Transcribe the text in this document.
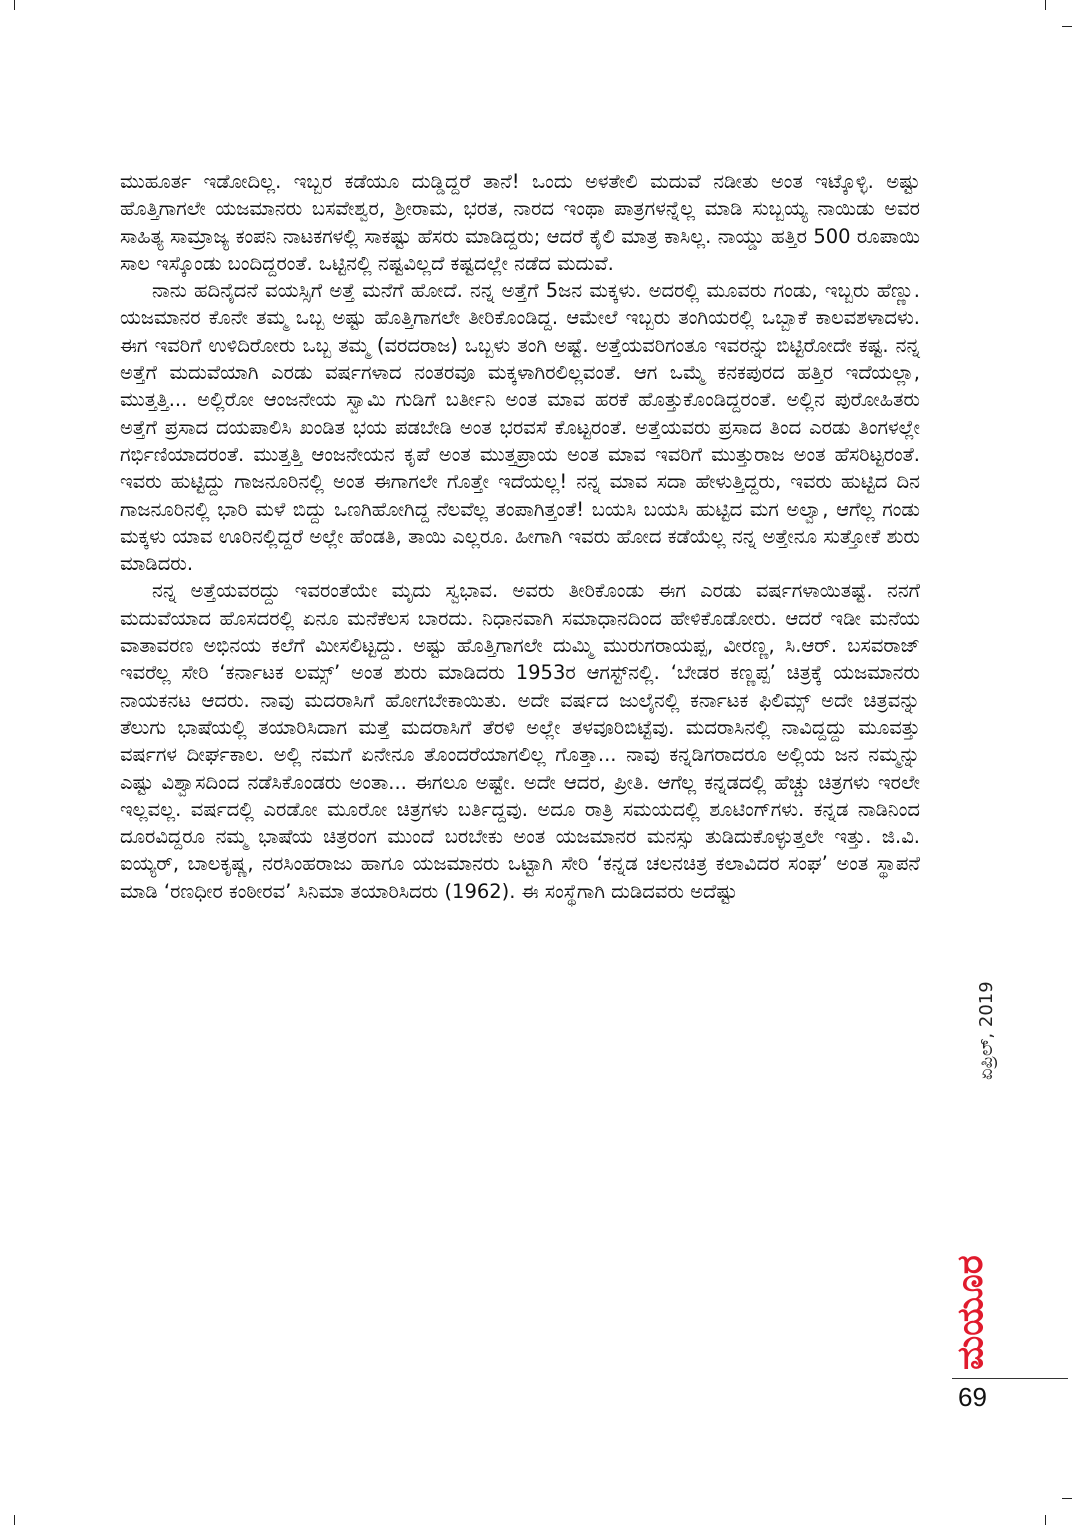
ಮುಹೂರ್ತ ಇಡೋದಿಲ್ಲ. ಇಬ್ಬರ ಕಡೆಯೂ ದುಡ್ಡಿದ್ದರೆ ತಾನೆ! ಒಂದು ಅಳತೇಲಿ ಮದುವೆ ನಡೀತು ಅಂತ ಇಟ್ಕೊಳ್ಳಿ. ಅಷ್ಟು ಹೊತ್ತಿಗಾಗಲೇ ಯಜಮಾನರು ಬಸವೇಶ್ವರ, ಶ್ರೀರಾಮ, ಭರತ, ನಾರದ ಇಂಥಾ ಪಾತ್ರಗಳನ್ನೆಲ್ಲ ಮಾಡಿ ಸುಬ್ಬಯ್ಯ ನಾಯಿಡು ಅವರ ಸಾಹಿತ್ಯ ಸಾಮ್ರಾಜ್ಯ ಕಂಪನಿ ನಾಟಕಗಳಲ್ಲಿ ಸಾಕಷ್ಟು ಹೆಸರು ಮಾಡಿದ್ದರು; ಆದರೆ ಕೈಲಿ ಮಾತ್ರ ಕಾಸಿಲ್ಲ. ನಾಯ್ಡು ಹತ್ತಿರ 500 ರೂಪಾಯಿ ಸಾಲ ಇಸ್ಕೊಂಡು ಬಂದಿದ್ದರಂತೆ. ಒಟ್ಟಿನಲ್ಲಿ ನಷ್ಟವಿಲ್ಲದೆ ಕಷ್ಟದಲ್ಲೇ ನಡೆದ ಮದುವೆ.

ನಾನು ಹದಿನೈದನೆ ವಯಸ್ಸಿಗೆ ಅತ್ತೆ ಮನೆಗೆ ಹೋದೆ. ನನ್ನ ಅತ್ತೆಗೆ 5ಜನ ಮಕ್ಕಳು. ಅದರಲ್ಲಿ ಮೂವರು ಗಂಡು, ಇಬ್ಬರು ಹೆಣ್ಣು. ಯಜಮಾನರ ಕೊನೇ ತಮ್ಮ ಒಬ್ಬ ಅಷ್ಟು ಹೊತ್ತಿಗಾಗಲೇ ತೀರಿಕೊಂಡಿದ್ದ. ಆಮೇಲೆ ಇಬ್ಬರು ತಂಗಿಯರಲ್ಲಿ ಒಬ್ಬಾಕೆ ಕಾಲವಶಳಾದಳು. ಈಗ ಇವರಿಗೆ ಉಳಿದಿರೋರು ಒಬ್ಬ ತಮ್ಮ (ವರದರಾಜ) ಒಬ್ಬಳು ತಂಗಿ ಅಷ್ಟೆ. ಅತ್ತೆಯವರಿಗಂತೂ ಇವರನ್ನು ಬಿಟ್ಟಿರೋದೇ ಕಷ್ಟ. ನನ್ನ ಅತ್ತೆಗೆ ಮದುವೆಯಾಗಿ ಎರಡು ವರ್ಷಗಳಾದ ನಂತರವೂ ಮಕ್ಕಳಾಗಿರಲಿಲ್ಲವಂತೆ. ಆಗ ಒಮ್ಮೆ ಕನಕಪುರದ ಹತ್ತಿರ ಇದೆಯಲ್ಲಾ, ಮುತ್ತತ್ತಿ... ಅಲ್ಲಿರೋ ಆಂಜನೇಯ ಸ್ವಾಮಿ ಗುಡಿಗೆ ಬರ್ತೀನಿ ಅಂತ ಮಾವ ಹರಕೆ ಹೊತ್ತುಕೊಂಡಿದ್ದರಂತೆ. ಅಲ್ಲಿನ ಪುರೋಹಿತರು ಅತ್ತೆಗೆ ಪ್ರಸಾದ ದಯಪಾಲಿಸಿ ಖಂಡಿತ ಭಯ ಪಡಬೇಡಿ ಅಂತ ಭರವಸೆ ಕೊಟ್ಟರಂತೆ. ಅತ್ತೆಯವರು ಪ್ರಸಾದ ತಿಂದ ಎರಡು ತಿಂಗಳಲ್ಲೇ ಗರ್ಭಿಣಿಯಾದರಂತೆ. ಮುತ್ತತ್ತಿ ಆಂಜನೇಯನ ಕೃಪೆ ಅಂತ ಮುತ್ತಪ್ರಾಯ ಅಂತ ಮಾವ ಇವರಿಗೆ ಮುತ್ತುರಾಜ ಅಂತ ಹೆಸರಿಟ್ಟರಂತೆ. ಇವರು ಹುಟ್ಟಿದ್ದು ಗಾಜನೂರಿನಲ್ಲಿ ಅಂತ ಈಗಾಗಲೇ ಗೊತ್ತೇ ಇದೆಯಲ್ಲ! ನನ್ನ ಮಾವ ಸದಾ ಹೇಳುತ್ತಿದ್ದರು, ಇವರು ಹುಟ್ಟಿದ ದಿನ ಗಾಜನೂರಿನಲ್ಲಿ ಭಾರಿ ಮಳೆ ಬಿದ್ದು ಒಣಗಿಹೋಗಿದ್ದ ನೆಲವೆಲ್ಲ ತಂಪಾಗಿತ್ತಂತೆ! ಬಯಸಿ ಬಯಸಿ ಹುಟ್ಟಿದ ಮಗ ಅಲ್ವಾ, ಆಗೆಲ್ಲ ಗಂಡು ಮಕ್ಕಳು ಯಾವ ಊರಿನಲ್ಲಿದ್ದರೆ ಅಲ್ಲೇ ಹೆಂಡತಿ, ತಾಯಿ ಎಲ್ಲರೂ. ಹೀಗಾಗಿ ಇವರು ಹೋದ ಕಡೆಯೆಲ್ಲ ನನ್ನ ಅತ್ತೇನೂ ಸುತ್ತೋಕೆ ಶುರು ಮಾಡಿದರು.

ನನ್ನ ಅತ್ತೆಯವರದ್ದು ಇವರಂತೆಯೇ ಮೃದು ಸ್ವಭಾವ. ಅವರು ತೀರಿಕೊಂಡು ಈಗ ಎರಡು ವರ್ಷಗಳಾಯಿತಷ್ಟೆ. ನನಗೆ ಮದುವೆಯಾದ ಹೊಸದರಲ್ಲಿ ಏನೂ ಮನೆಕೆಲಸ ಬಾರದು. ನಿಧಾನವಾಗಿ ಸಮಾಧಾನದಿಂದ ಹೇಳಿಕೊಡೋರು. ಆದರೆ ಇಡೀ ಮನೆಯ ವಾತಾವರಣ ಅಭಿನಯ ಕಲೆಗೆ ಮೀಸಲಿಟ್ಟದ್ದು. ಅಷ್ಟು ಹೊತ್ತಿಗಾಗಲೇ ದುಮ್ಮಿ ಮುರುಗರಾಯಪ್ಪ, ವೀರಣ್ಣ, ಸಿ.ಆರ್. ಬಸವರಾಜ್ ಇವರೆಲ್ಲ ಸೇರಿ ‘ಕರ್ನಾಟಕ ಲಮ್ಸ್’ ಅಂತ ಶುರು ಮಾಡಿದರು 1953ರ ಆಗಸ್ಟ್‌ನಲ್ಲಿ. ‘ಬೇಡರ ಕಣ್ಣಪ್ಪ’ ಚಿತ್ರಕ್ಕೆ ಯಜಮಾನರು ನಾಯಕನಟ ಆದರು. ನಾವು ಮದರಾಸಿಗೆ ಹೋಗಬೇಕಾಯಿತು. ಅದೇ ವರ್ಷದ ಜುಲೈನಲ್ಲಿ ಕರ್ನಾಟಕ ಫಿಲಿಮ್ಸ್ ಅದೇ ಚಿತ್ರವನ್ನು ತೆಲುಗು ಭಾಷೆಯಲ್ಲಿ ತಯಾರಿಸಿದಾಗ ಮತ್ತೆ ಮದರಾಸಿಗೆ ತೆರಳಿ ಅಲ್ಲೇ ತಳವೂರಿಬಿಟ್ಟೆವು. ಮದರಾಸಿನಲ್ಲಿ ನಾವಿದ್ದದ್ದು ಮೂವತ್ತು ವರ್ಷಗಳ ದೀರ್ಘಕಾಲ. ಅಲ್ಲಿ ನಮಗೆ ಏನೇನೂ ತೊಂದರೆಯಾಗಲಿಲ್ಲ ಗೊತ್ತಾ... ನಾವು ಕನ್ನಡಿಗರಾದರೂ ಅಲ್ಲಿಯ ಜನ ನಮ್ಮನ್ನು ಎಷ್ಟು ವಿಶ್ವಾಸದಿಂದ ನಡೆಸಿಕೊಂಡರು ಅಂತಾ... ಈಗಲೂ ಅಷ್ಟೇ. ಅದೇ ಆದರ, ಪ್ರೀತಿ. ಆಗೆಲ್ಲ ಕನ್ನಡದಲ್ಲಿ ಹೆಚ್ಚು ಚಿತ್ರಗಳು ಇರಲೇ ಇಲ್ಲವಲ್ಲ. ವರ್ಷದಲ್ಲಿ ಎರಡೋ ಮೂರೋ ಚಿತ್ರಗಳು ಬರ್ತಿದ್ದವು. ಅದೂ ರಾತ್ರಿ ಸಮಯದಲ್ಲಿ ಶೂಟಿಂಗ್‌ಗಳು. ಕನ್ನಡ ನಾಡಿನಿಂದ ದೂರವಿದ್ದರೂ ನಮ್ಮ ಭಾಷೆಯ ಚಿತ್ರರಂಗ ಮುಂದೆ ಬರಬೇಕು ಅಂತ ಯಜಮಾನರ ಮನಸ್ಸು ತುಡಿದುಕೊಳ್ಳುತ್ತಲೇ ಇತ್ತು. ಜಿ.ವಿ. ಐಯ್ಯರ್, ಬಾಲಕೃಷ್ಣ, ನರಸಿಂಹರಾಜು ಹಾಗೂ ಯಜಮಾನರು ಒಟ್ಟಾಗಿ ಸೇರಿ ‘ಕನ್ನಡ ಚಲನಚಿತ್ರ ಕಲಾವಿದರ ಸಂಘ’ ಅಂತ ಸ್ಥಾಪನೆ ಮಾಡಿ ‘ರಣಧೀರ ಕಂಠೀರವ’ ಸಿನಿಮಾ ತಯಾರಿಸಿದರು (1962). ಈ ಸಂಸ್ಥೆಗಾಗಿ ದುಡಿದವರು ಅದೆಷ್ಟು

ಏಪ್ರಿಲ್, 2019
ಮಯೂರ
69
